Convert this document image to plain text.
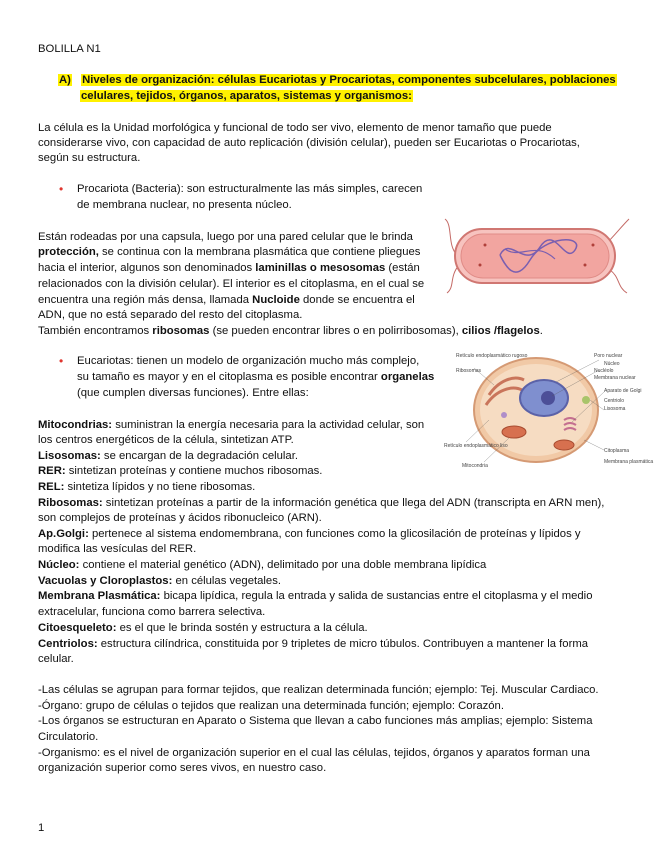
BOLILLA N1
A) Niveles de organización: células Eucariotas y Procariotas, componentes subcelulares, poblaciones
celulares, tejidos, órganos, aparatos, sistemas y organismos:
La célula es la Unidad morfológica y funcional de todo ser vivo, elemento de menor tamaño que puede
considerarse vivo, con capacidad de auto replicación (división celular), pueden ser Eucariotas o Procariotas,
según su estructura.
• Procariota (Bacteria): son estructuralmente las más simples, carecen
de membrana nuclear, no presenta núcleo.
Están rodeadas por una capsula, luego por una pared celular que le brinda
protección, se continua con la membrana plasmática que contiene pliegues
hacia el interior, algunos son denominados laminillas o mesosomas (están
relacionados con la división celular). El interior es el citoplasma, en el cual se
encuentra una región más densa, llamada Nucloide donde se encuentra el
ADN, que no está separado del resto del citoplasma.
También encontramos ribosomas (se pueden encontrar libres o en polirribosomas), cilios /flagelos.
• Eucariotas: tienen un modelo de organización mucho más complejo,
su tamaño es mayor y en el citoplasma es posible encontrar organelas
(que cumplen diversas funciones). Entre ellas:
Retículo endoplasmático rugoso
Ribosomas
Retículo endoplasmático liso
Mitocondria
Poro nuclear
Núcleo
Nucléolo
Membrana nuclear
Aparato de Golgi
Centriolo
Lisosoma
Citoplasma
Membrana plasmática
Mitocondrias: suministran la energía necesaria para la actividad celular, son
los centros energéticos de la célula, sintetizan ATP.
Lisosomas: se encargan de la degradación celular.
RER: sintetizan proteínas y contiene muchos ribosomas.
REL: sintetiza lípidos y no tiene ribosomas.
Ribosomas: sintetizan proteínas a partir de la información genética que llega del ADN (transcripta en ARN men),
son complejos de proteínas y ácidos ribonucleico (ARN).
Ap.Golgi: pertenece al sistema endomembrana, con funciones como la glicosilación de proteínas y lípidos y
modifica las vesículas del RER.
Núcleo: contiene el material genético (ADN), delimitado por una doble membrana lipídica
Vacuolas y Cloroplastos: en células vegetales.
Membrana Plasmática: bicapa lipídica, regula la entrada y salida de sustancias entre el citoplasma y el medio
extracelular, funciona como barrera selectiva.
Citoesqueleto: es el que le brinda sostén y estructura a la célula.
Centriolos: estructura cilíndrica, constituida por 9 tripletes de micro túbulos. Contribuyen a mantener la forma
celular.
-Las células se agrupan para formar tejidos, que realizan determinada función; ejemplo: Tej. Muscular Cardiaco.
-Órgano: grupo de células o tejidos que realizan una determinada función; ejemplo: Corazón.
-Los órganos se estructuran en Aparato o Sistema que llevan a cabo funciones más amplias; ejemplo: Sistema
Circulatorio.
-Organismo: es el nivel de organización superior en el cual las células, tejidos, órganos y aparatos forman una
organización superior como seres vivos, en nuestro caso.
1
